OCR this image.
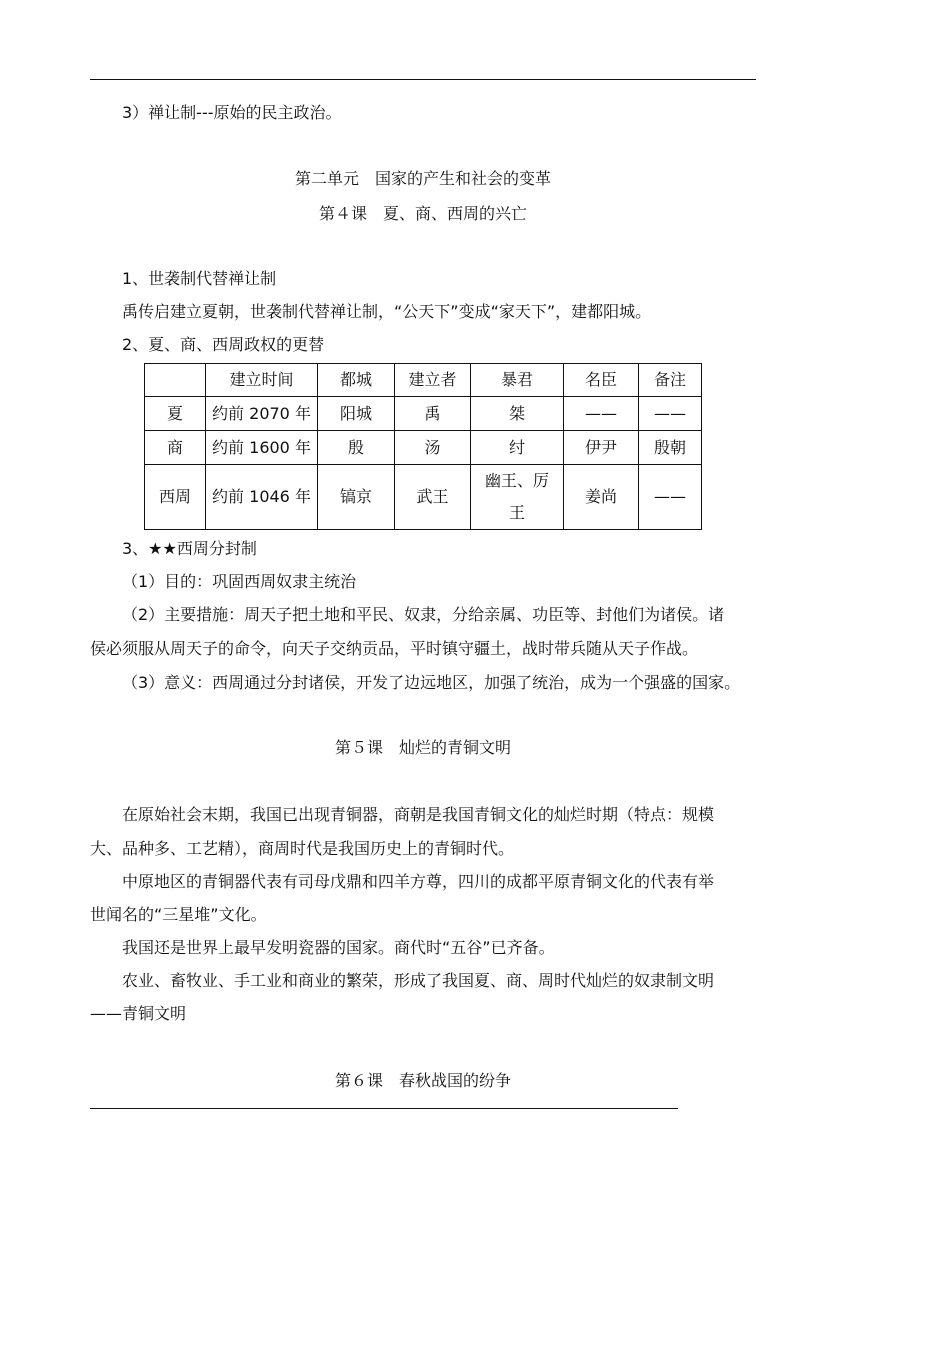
3）禅让制---原始的民主政治。
第二单元　国家的产生和社会的变革
第４课　夏、商、西周的兴亡
1、世袭制代替禅让制
禹传启建立夏朝，世袭制代替禅让制，“公天下”变成“家天下”，建都阳城。
2、夏、商、西周政权的更替
	建立时间	都城	建立者	暴君	名臣	备注
夏	约前 2070 年	阳城	禹	桀	——	——
商	约前 1600 年	殷	汤	纣	伊尹	殷朝
西周	约前 1046 年	镐京	武王	幽王、厉王	姜尚	——
3、★★西周分封制
（1）目的：巩固西周奴隶主统治
（2）主要措施：周天子把土地和平民、奴隶，分给亲属、功臣等、封他们为诸侯。诸
侯必须服从周天子的命令，向天子交纳贡品，平时镇守疆土，战时带兵随从天子作战。
（3）意义：西周通过分封诸侯，开发了边远地区，加强了统治，成为一个强盛的国家。
第５课　灿烂的青铜文明
在原始社会末期，我国已出现青铜器，商朝是我国青铜文化的灿烂时期（特点：规模
大、品种多、工艺精），商周时代是我国历史上的青铜时代。
中原地区的青铜器代表有司母戊鼎和四羊方尊，四川的成都平原青铜文化的代表有举
世闻名的“三星堆”文化。
我国还是世界上最早发明瓷器的国家。商代时“五谷”已齐备。
农业、畜牧业、手工业和商业的繁荣，形成了我国夏、商、周时代灿烂的奴隶制文明
——青铜文明
第６课　春秋战国的纷争
